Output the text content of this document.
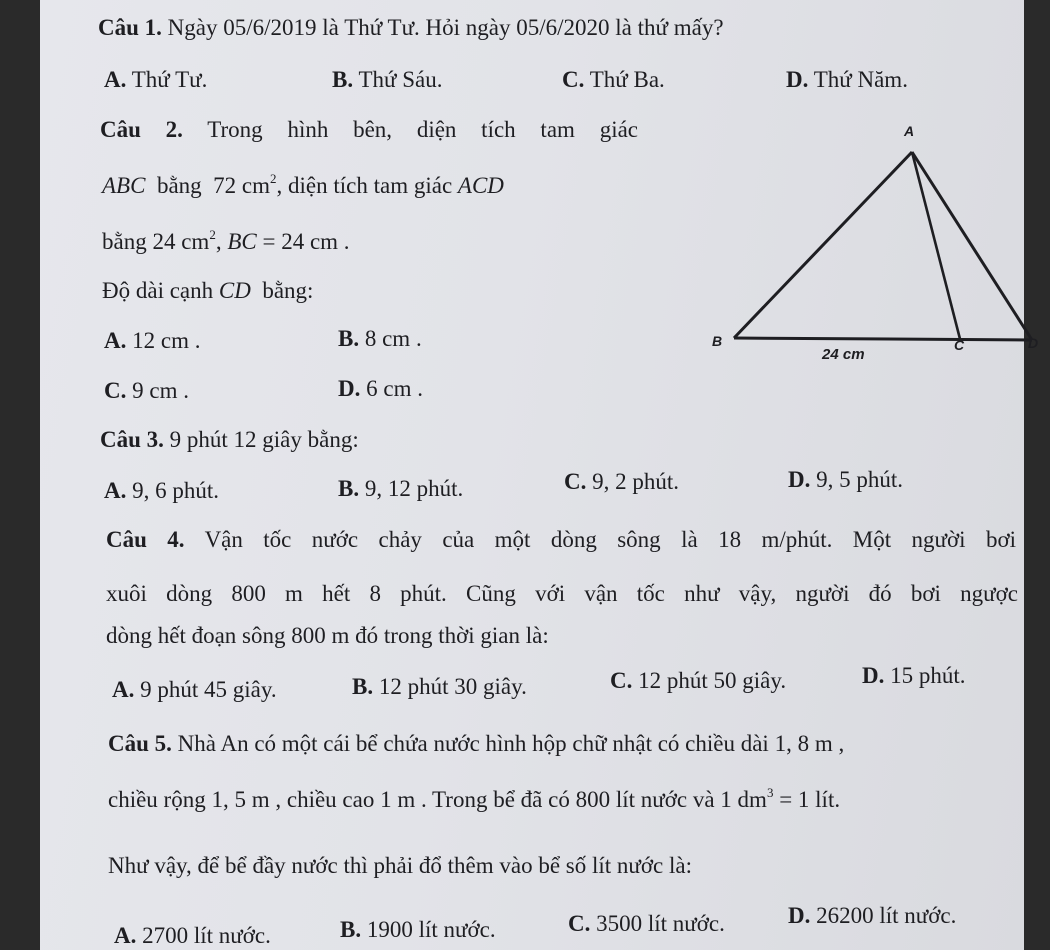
Câu 1. Ngày 05/6/2019 là Thứ Tư. Hỏi ngày 05/6/2020 là thứ mấy?
A. Thứ Tư.	B. Thứ Sáu.	C. Thứ Ba.	D. Thứ Năm.
Câu 2. Trong hình bên, diện tích tam giác
ABC bằng 72 $cm^2$, diện tích tam giác ACD
bằng 24 $cm^2$, BC = 24 cm .
Độ dài cạnh CD bằng:
A. 12 cm .	B. 8 cm .
C. 9 cm .	D. 6 cm .
A
B	C	D
24 cm
Câu 3. 9 phút 12 giây bằng:
A. 9, 6 phút.	B. 9, 12 phút.	C. 9, 2 phút.	D. 9, 5 phút.
Câu 4. Vận tốc nước chảy của một dòng sông là 18 m/phút. Một người bơi
xuôi dòng 800 m hết 8 phút. Cũng với vận tốc như vậy, người đó bơi ngược
dòng hết đoạn sông 800 m đó trong thời gian là:
A. 9 phút 45 giây.	B. 12 phút 30 giây.	C. 12 phút 50 giây.	D. 15 phút.
Câu 5. Nhà An có một cái bể chứa nước hình hộp chữ nhật có chiều dài 1, 8 m ,
chiều rộng 1, 5 m , chiều cao 1 m . Trong bể đã có 800 lít nước và 1 $dm^3 = 1$ lít.
Như vậy, để bể đầy nước thì phải đổ thêm vào bể số lít nước là:
A. 2700 lít nước.	B. 1900 lít nước.	C. 3500 lít nước.	D. 26200 lít nước.
